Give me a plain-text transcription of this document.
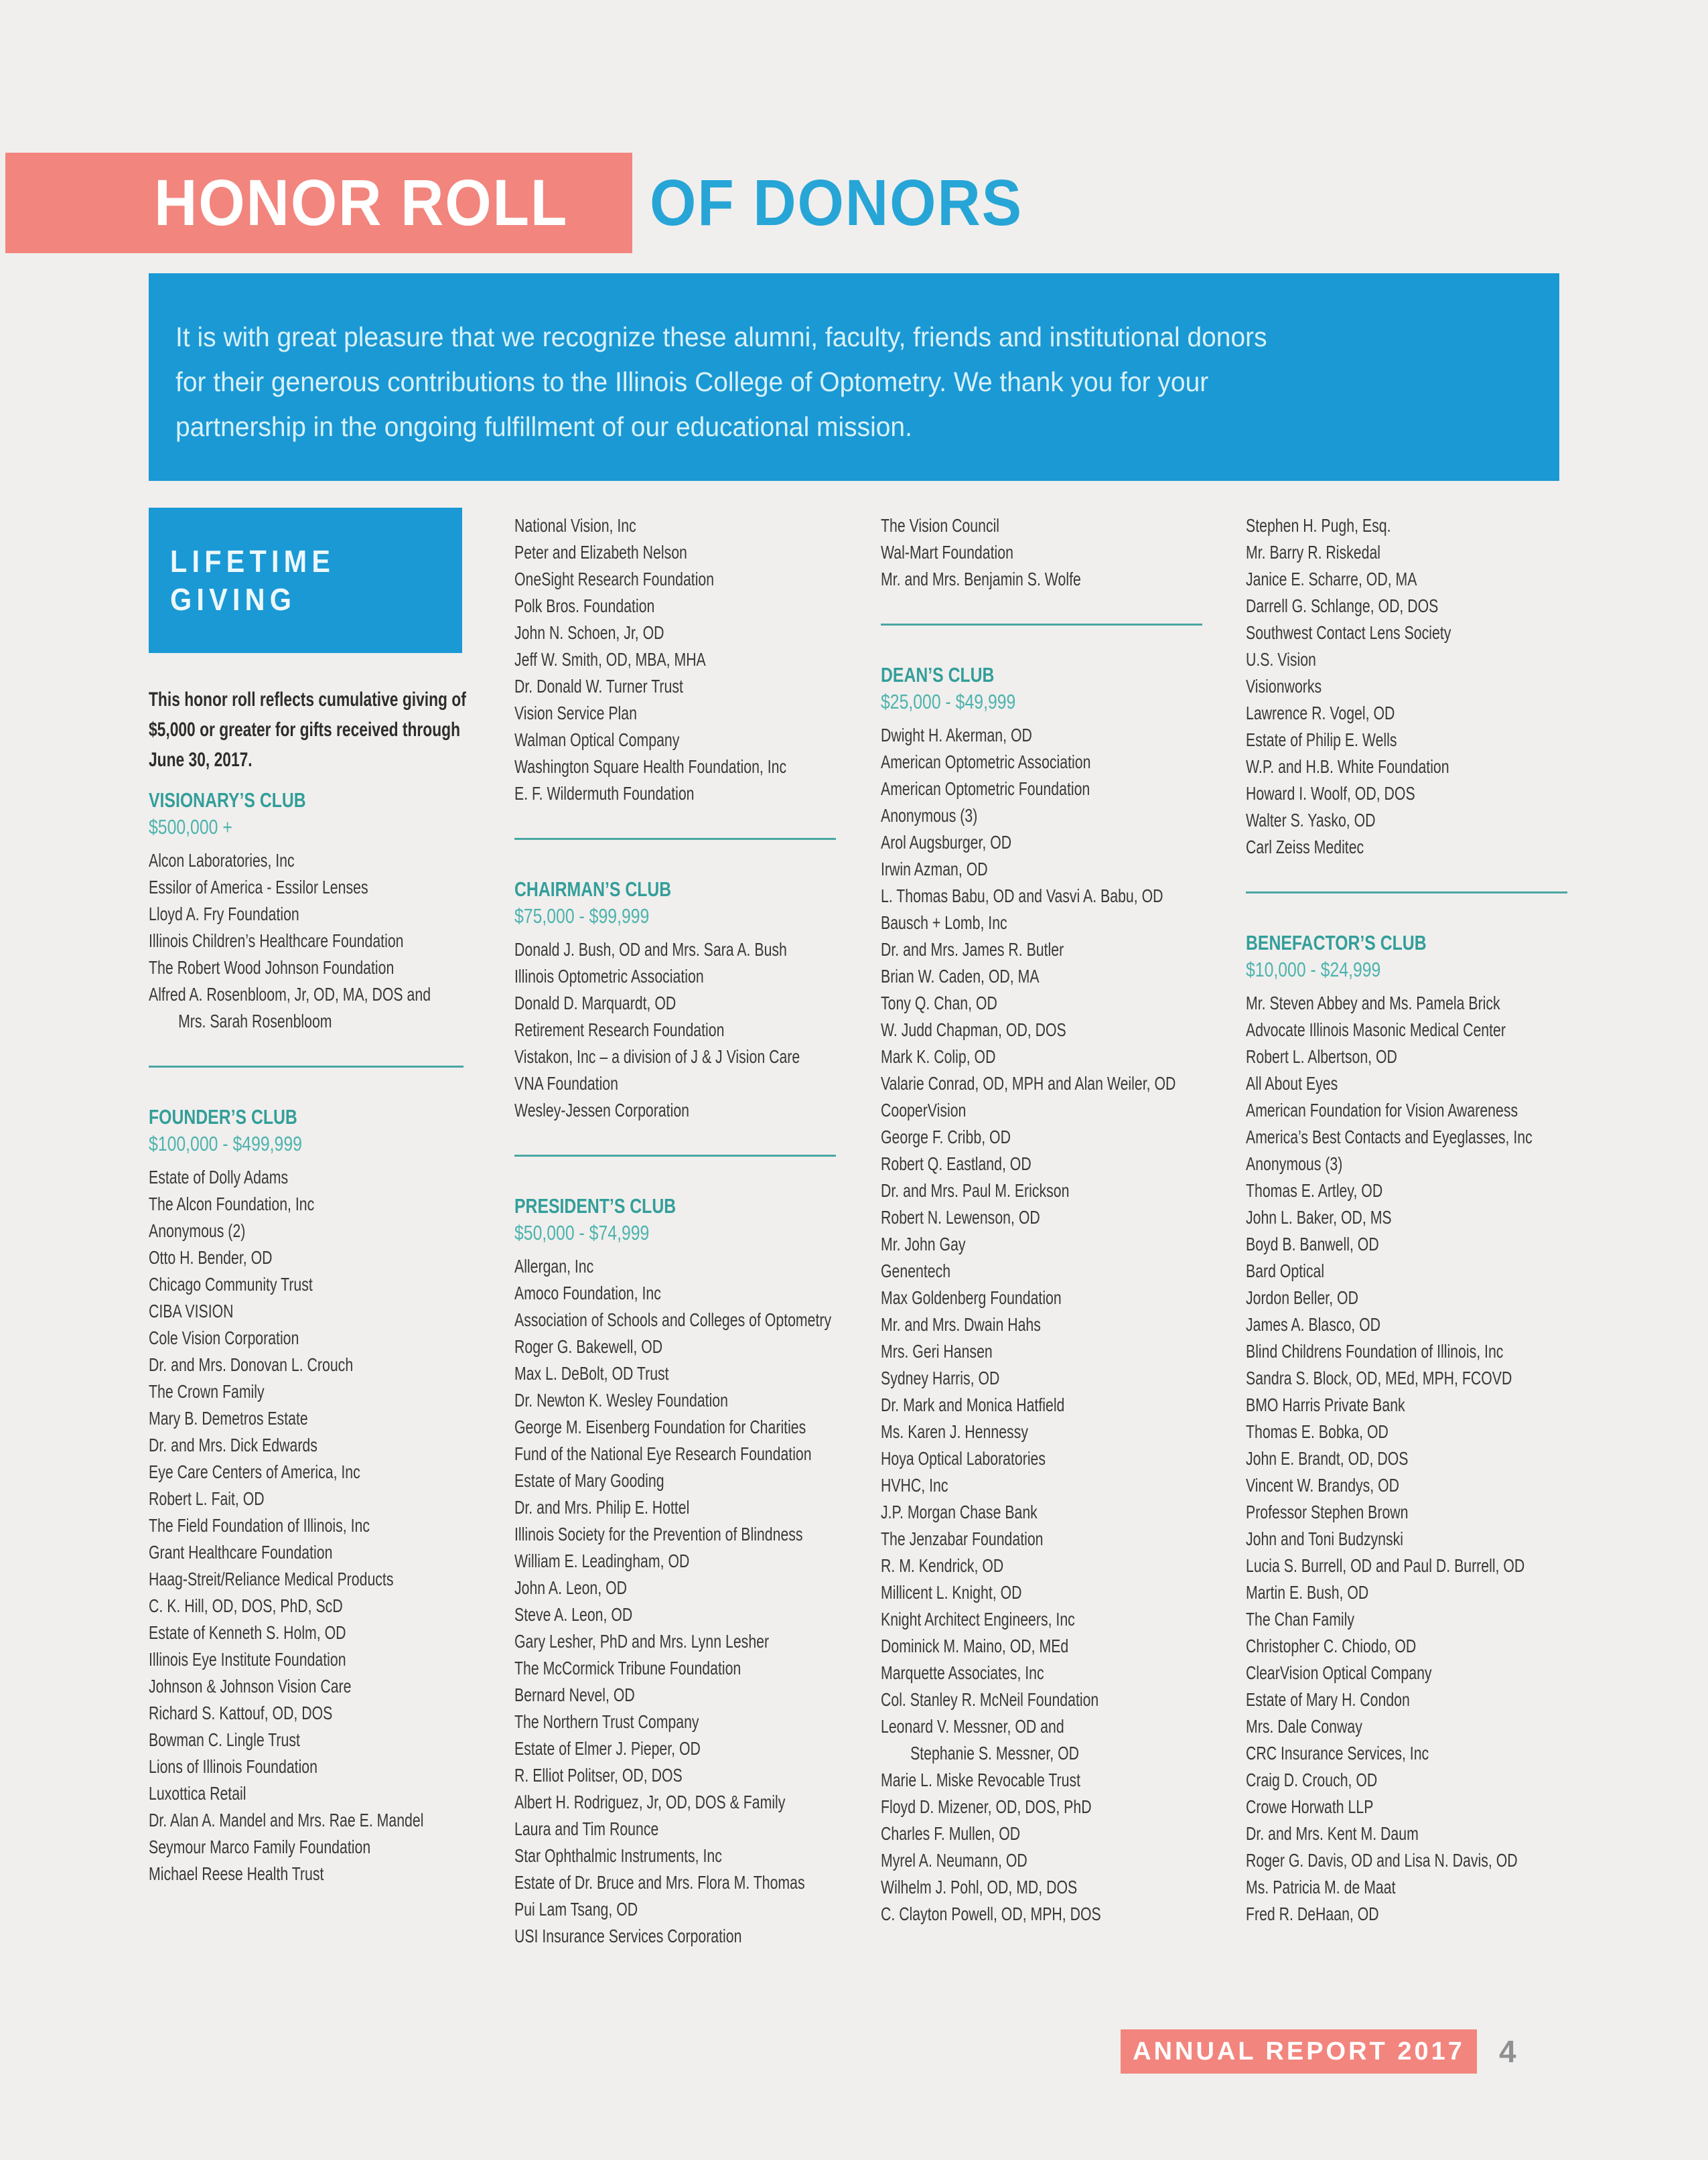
HONOR ROLL OF DONORS

It is with great pleasure that we recognize these alumni, faculty, friends and institutional donors

for their generous contributions to the Illinois College of Optometry. We thank you for your

partnership in the ongoing fulfillment of our educational mission.

LIFETIME
GIVING
This honor roll reflects cumulative giving of
$5,000 or greater for gifts received through
June 30, 2017.
VISIONARY’S CLUB
$500,000 +
Alcon Laboratories, Inc
Essilor of America - Essilor Lenses
Lloyd A. Fry Foundation
Illinois Children’s Healthcare Foundation
The Robert Wood Johnson Foundation
Alfred A. Rosenbloom, Jr, OD, MA, DOS and
Mrs. Sarah Rosenbloom
FOUNDER’S CLUB
$100,000 - $499,999
Estate of Dolly Adams
The Alcon Foundation, Inc
Anonymous (2)
Otto H. Bender, OD
Chicago Community Trust
CIBA VISION
Cole Vision Corporation
Dr. and Mrs. Donovan L. Crouch
The Crown Family
Mary B. Demetros Estate
Dr. and Mrs. Dick Edwards
Eye Care Centers of America, Inc
Robert L. Fait, OD
The Field Foundation of Illinois, Inc
Grant Healthcare Foundation
Haag-Streit/Reliance Medical Products
C. K. Hill, OD, DOS, PhD, ScD
Estate of Kenneth S. Holm, OD
Illinois Eye Institute Foundation
Johnson & Johnson Vision Care
Richard S. Kattouf, OD, DOS
Bowman C. Lingle Trust
Lions of Illinois Foundation
Luxottica Retail
Dr. Alan A. Mandel and Mrs. Rae E. Mandel
Seymour Marco Family Foundation
Michael Reese Health Trust
National Vision, Inc
Peter and Elizabeth Nelson
OneSight Research Foundation
Polk Bros. Foundation
John N. Schoen, Jr, OD
Jeff W. Smith, OD, MBA, MHA
Dr. Donald W. Turner Trust
Vision Service Plan
Walman Optical Company
Washington Square Health Foundation, Inc
E. F. Wildermuth Foundation
CHAIRMAN’S CLUB
$75,000 - $99,999
Donald J. Bush, OD and Mrs. Sara A. Bush
Illinois Optometric Association
Donald D. Marquardt, OD
Retirement Research Foundation
Vistakon, Inc – a division of J & J Vision Care
VNA Foundation
Wesley-Jessen Corporation
PRESIDENT’S CLUB
$50,000 - $74,999
Allergan, Inc
Amoco Foundation, Inc
Association of Schools and Colleges of Optometry
Roger G. Bakewell, OD
Max L. DeBolt, OD Trust
Dr. Newton K. Wesley Foundation
George M. Eisenberg Foundation for Charities
Fund of the National Eye Research Foundation
Estate of Mary Gooding
Dr. and Mrs. Philip E. Hottel
Illinois Society for the Prevention of Blindness
William E. Leadingham, OD
John A. Leon, OD
Steve A. Leon, OD
Gary Lesher, PhD and Mrs. Lynn Lesher
The McCormick Tribune Foundation
Bernard Nevel, OD
The Northern Trust Company
Estate of Elmer J. Pieper, OD
R. Elliot Politser, OD, DOS
Albert H. Rodriguez, Jr, OD, DOS & Family
Laura and Tim Rounce
Star Ophthalmic Instruments, Inc
Estate of Dr. Bruce and Mrs. Flora M. Thomas
Pui Lam Tsang, OD
USI Insurance Services Corporation
The Vision Council
Wal-Mart Foundation
Mr. and Mrs. Benjamin S. Wolfe
DEAN’S CLUB
$25,000 - $49,999
Dwight H. Akerman, OD
American Optometric Association
American Optometric Foundation
Anonymous (3)
Arol Augsburger, OD
Irwin Azman, OD
L. Thomas Babu, OD and Vasvi A. Babu, OD
Bausch + Lomb, Inc
Dr. and Mrs. James R. Butler
Brian W. Caden, OD, MA
Tony Q. Chan, OD
W. Judd Chapman, OD, DOS
Mark K. Colip, OD
Valarie Conrad, OD, MPH and Alan Weiler, OD
CooperVision
George F. Cribb, OD
Robert Q. Eastland, OD
Dr. and Mrs. Paul M. Erickson
Robert N. Lewenson, OD
Mr. John Gay
Genentech
Max Goldenberg Foundation
Mr. and Mrs. Dwain Hahs
Mrs. Geri Hansen
Sydney Harris, OD
Dr. Mark and Monica Hatfield
Ms. Karen J. Hennessy
Hoya Optical Laboratories
HVHC, Inc
J.P. Morgan Chase Bank
The Jenzabar Foundation
R. M. Kendrick, OD
Millicent L. Knight, OD
Knight Architect Engineers, Inc
Dominick M. Maino, OD, MEd
Marquette Associates, Inc
Col. Stanley R. McNeil Foundation
Leonard V. Messner, OD and
Stephanie S. Messner, OD
Marie L. Miske Revocable Trust
Floyd D. Mizener, OD, DOS, PhD
Charles F. Mullen, OD
Myrel A. Neumann, OD
Wilhelm J. Pohl, OD, MD, DOS
C. Clayton Powell, OD, MPH, DOS
Stephen H. Pugh, Esq.
Mr. Barry R. Riskedal
Janice E. Scharre, OD, MA
Darrell G. Schlange, OD, DOS
Southwest Contact Lens Society
U.S. Vision
Visionworks
Lawrence R. Vogel, OD
Estate of Philip E. Wells
W.P. and H.B. White Foundation
Howard I. Woolf, OD, DOS
Walter S. Yasko, OD
Carl Zeiss Meditec
BENEFACTOR’S CLUB
$10,000 - $24,999
Mr. Steven Abbey and Ms. Pamela Brick
Advocate Illinois Masonic Medical Center
Robert L. Albertson, OD
All About Eyes
American Foundation for Vision Awareness
America’s Best Contacts and Eyeglasses, Inc
Anonymous (3)
Thomas E. Artley, OD
John L. Baker, OD, MS
Boyd B. Banwell, OD
Bard Optical
Jordon Beller, OD
James A. Blasco, OD
Blind Childrens Foundation of Illinois, Inc
Sandra S. Block, OD, MEd, MPH, FCOVD
BMO Harris Private Bank
Thomas E. Bobka, OD
John E. Brandt, OD, DOS
Vincent W. Brandys, OD
Professor Stephen Brown
John and Toni Budzynski
Lucia S. Burrell, OD and Paul D. Burrell, OD
Martin E. Bush, OD
The Chan Family
Christopher C. Chiodo, OD
ClearVision Optical Company
Estate of Mary H. Condon
Mrs. Dale Conway
CRC Insurance Services, Inc
Craig D. Crouch, OD
Crowe Horwath LLP
Dr. and Mrs. Kent M. Daum
Roger G. Davis, OD and Lisa N. Davis, OD
Ms. Patricia M. de Maat
Fred R. DeHaan, OD
ANNUAL REPORT 2017 4
